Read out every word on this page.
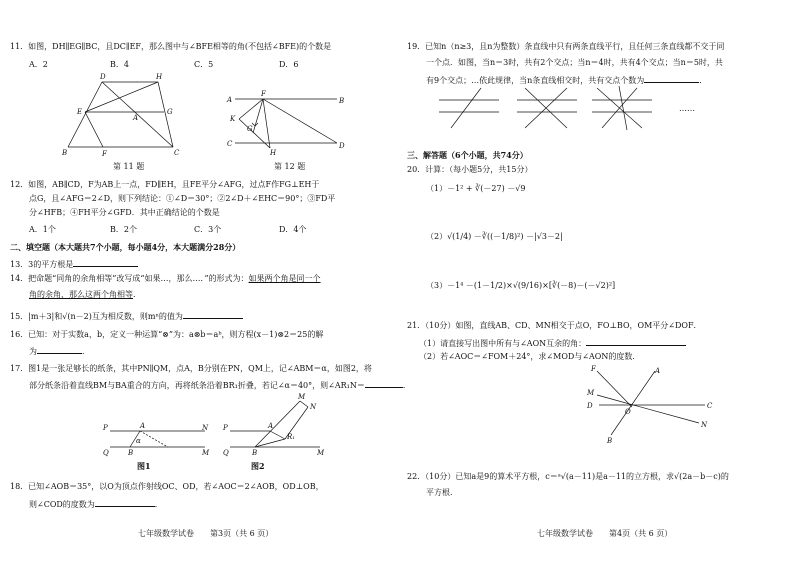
11．如图，DH∥EG∥BC，且DC∥EF，那么图中与∠BFE相等的角(不包括∠BFE)的个数是
A．2	B．4	C．5	D．6
D	H
E	G
A
B	F	C
第 11 题
A
F
B
K
G
C
H
D
第 12 题
12．如图，AB∥CD，F为AB上一点，FD∥EH，且FE平分∠AFG，过点F作FG⊥EH于
点G，且∠AFG＝2∠D，则下列结论：①∠D＝30°；②2∠D＋∠EHC＝90°；③FD平
分∠HFB；④FH平分∠GFD．其中正确结论的个数是
A．1个	B．2个	C．3个	D．4个
二、填空题（本大题共7个小题，每小题4分，本大题满分28分）
13．3的平方根是
14．把命题“同角的余角相等”改写成“如果…，那么…．”的形式为：如果两个角是同一个
角的余角，那么这两个角相等．
15．|m＋3|和√(n－2)互为相反数，则mⁿ的值为
16．已知：对于实数a，b，定义一种运算“⊗”为：a⊗b＝aᵇ，则方程(x－1)⊗2＝25的解
为	．
17．图1是一张足够长的纸条，其中PN∥QM，点A，B分别在PN，QM上，记∠ABM＝α，如图2，将
部分纸条沿着直线BM与BA重合的方向，再将纸条沿着BR₁折叠，若记∠α＝40°，则∠AR₁N＝	．
P	A	N
Q	B
α
M
M
N
P	A
R₁
Q	B	M
图1	图2
18．已知∠AOB＝35°，以O为顶点作射线OC、OD，若∠AOC＝2∠AOB，OD⊥OB，
则∠COD的度数为	．
七年级数学试卷　　第3页（共 6 页）
19．已知n（n≥3，且n为整数）条直线中只有两条直线平行，且任何三条直线都不交于同
一个点．如图，当n＝3时，共有2个交点；当n＝4时，共有4个交点；当n＝5时，共
有9个交点；…依此规律，当n条直线相交时，共有交点个数为	．
……
三、解答题（6个小题，共74分）
20．计算：（每小题5分，共15分）
（1）－1² + ∛(－27) －√9
（2）√(1/4) －∛((－1/8)²) －|√3－2|
（3）－1⁴ －(1－1/2)×√(9/16)×[∛(－8)－(－√2)²]
21．（10分）如图，直线AB、CD、MN相交于点O，FO⊥BO，OM平分∠DOF．
（1）请直接写出图中所有与∠AON互余的角：
（2）若∠AOC＝∠FOM＋24°，求∠MOD与∠AON的度数．
F	A
M
D
O
C
N
B
22．（10分）已知a是9的算术平方根，c＝ᵃ√(a－11)是a－11的立方根，求√(2a－b－c)的
平方根．
七年级数学试卷　　第4页（共 6 页）
